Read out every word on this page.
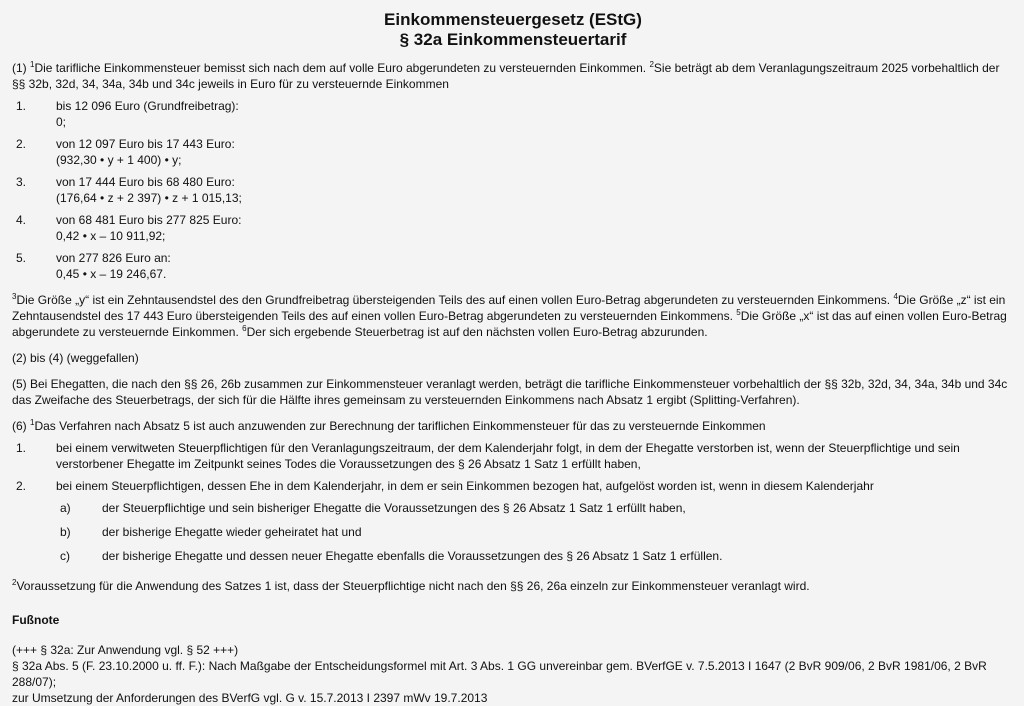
Einkommensteuergesetz (EStG)
§ 32a Einkommensteuertarif

(1) $^1$Die tarifliche Einkommensteuer bemisst sich nach dem auf volle Euro abgerundeten zu versteuernden Einkommen. $^2$Sie beträgt ab dem Veranlagungszeitraum 2025 vorbehaltlich der §§ 32b, 32d, 34, 34a, 34b und 34c jeweils in Euro für zu versteuernde Einkommen

1.	bis 12 096 Euro (Grundfreibetrag):
0;
2.	von 12 097 Euro bis 17 443 Euro:
(932,30 • y + 1 400) • y;
3.	von 17 444 Euro bis 68 480 Euro:
(176,64 • z + 2 397) • z + 1 015,13;
4.	von 68 481 Euro bis 277 825 Euro:
0,42 • x – 10 911,92;
5.	von 277 826 Euro an:
0,45 • x – 19 246,67.

$^3$Die Größe „y“ ist ein Zehntausendstel des den Grundfreibetrag übersteigenden Teils des auf einen vollen Euro-Betrag abgerundeten zu versteuernden Einkommens. $^4$Die Größe „z“ ist ein Zehntausendstel des 17 443 Euro übersteigenden Teils des auf einen vollen Euro-Betrag abgerundeten zu versteuernden Einkommens. $^5$Die Größe „x“ ist das auf einen vollen Euro-Betrag abgerundete zu versteuernde Einkommen. $^6$Der sich ergebende Steuerbetrag ist auf den nächsten vollen Euro-Betrag abzurunden.

(2) bis (4) (weggefallen)

(5) Bei Ehegatten, die nach den §§ 26, 26b zusammen zur Einkommensteuer veranlagt werden, beträgt die tarifliche Einkommensteuer vorbehaltlich der §§ 32b, 32d, 34, 34a, 34b und 34c das Zweifache des Steuerbetrags, der sich für die Hälfte ihres gemeinsam zu versteuernden Einkommens nach Absatz 1 ergibt (Splitting-Verfahren).

(6) $^1$Das Verfahren nach Absatz 5 ist auch anzuwenden zur Berechnung der tariflichen Einkommensteuer für das zu versteuernde Einkommen

1.	bei einem verwitweten Steuerpflichtigen für den Veranlagungszeitraum, der dem Kalenderjahr folgt, in dem der Ehegatte verstorben ist, wenn der Steuerpflichtige und sein verstorbener Ehegatte im Zeitpunkt seines Todes die Voraussetzungen des § 26 Absatz 1 Satz 1 erfüllt haben,
2.	bei einem Steuerpflichtigen, dessen Ehe in dem Kalenderjahr, in dem er sein Einkommen bezogen hat, aufgelöst worden ist, wenn in diesem Kalenderjahr
a)	der Steuerpflichtige und sein bisheriger Ehegatte die Voraussetzungen des § 26 Absatz 1 Satz 1 erfüllt haben,
b)	der bisherige Ehegatte wieder geheiratet hat und
c)	der bisherige Ehegatte und dessen neuer Ehegatte ebenfalls die Voraussetzungen des § 26 Absatz 1 Satz 1 erfüllen.

$^2$Voraussetzung für die Anwendung des Satzes 1 ist, dass der Steuerpflichtige nicht nach den §§ 26, 26a einzeln zur Einkommensteuer veranlagt wird.

Fußnote

(+++ § 32a: Zur Anwendung vgl. § 52 +++)
§ 32a Abs. 5 (F. 23.10.2000 u. ff. F.): Nach Maßgabe der Entscheidungsformel mit Art. 3 Abs. 1 GG unvereinbar gem. BVerfGE v. 7.5.2013 I 1647 (2 BvR 909/06, 2 BvR 1981/06, 2 BvR 288/07);
zur Umsetzung der Anforderungen des BVerfG vgl. G v. 15.7.2013 I 2397 mWv 19.7.2013
